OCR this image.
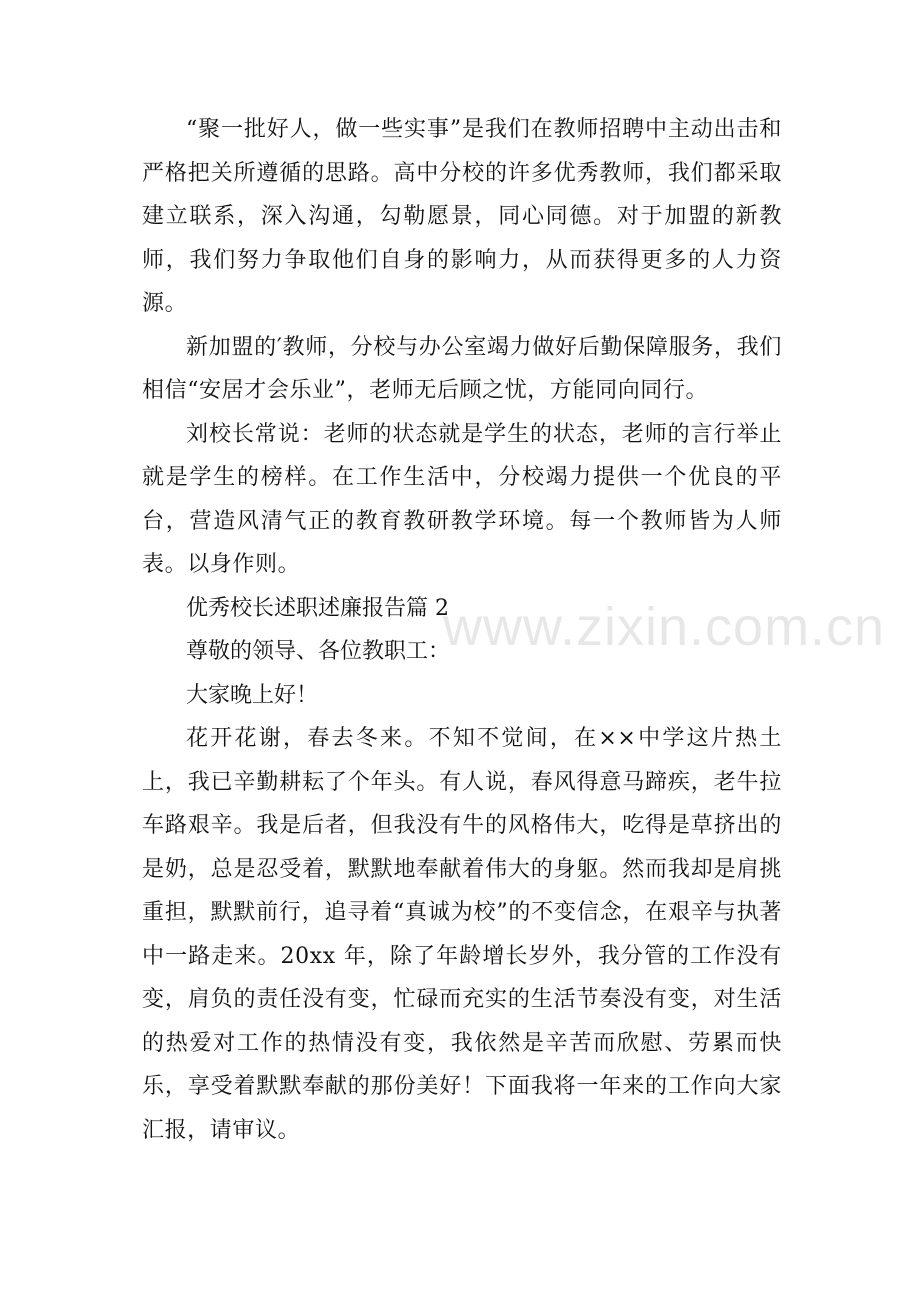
“聚一批好人，做一些实事”是我们在教师招聘中主动出击和严格把关所遵循的思路。高中分校的许多优秀教师，我们都采取建立联系，深入沟通，勾勒愿景，同心同德。对于加盟的新教师，我们努力争取他们自身的影响力，从而获得更多的人力资源。

新加盟的′教师，分校与办公室竭力做好后勤保障服务，我们相信“安居才会乐业”，老师无后顾之忧，方能同向同行。

刘校长常说：老师的状态就是学生的状态，老师的言行举止就是学生的榜样。在工作生活中，分校竭力提供一个优良的平台，营造风清气正的教育教研教学环境。每一个教师皆为人师表。以身作则。

优秀校长述职述廉报告篇 2

尊敬的领导、各位教职工：

大家晚上好！

花开花谢，春去冬来。不知不觉间，在××中学这片热土上，我已辛勤耕耘了个年头。有人说，春风得意马蹄疾，老牛拉车路艰辛。我是后者，但我没有牛的风格伟大，吃得是草挤出的是奶，总是忍受着，默默地奉献着伟大的身躯。然而我却是肩挑重担，默默前行，追寻着“真诚为校”的不变信念，在艰辛与执著中一路走来。20xx 年，除了年龄增长岁外，我分管的工作没有变，肩负的责任没有变，忙碌而充实的生活节奏没有变，对生活的热爱对工作的热情没有变，我依然是辛苦而欣慰、劳累而快乐，享受着默默奉献的那份美好！下面我将一年来的工作向大家汇报，请审议。

www.zixin.com.cn
